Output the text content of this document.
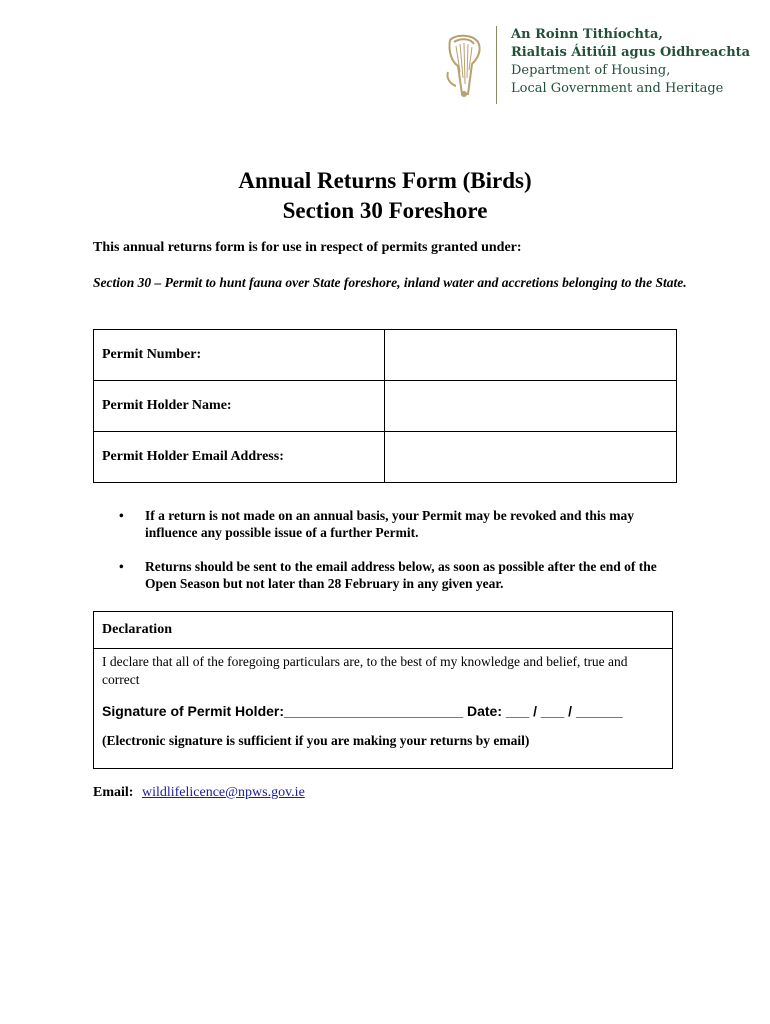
An Roinn Tithíochta,
Rialtais Áitiúil agus Oidhreachta
Department of Housing,
Local Government and Heritage
Annual Returns Form (Birds)
Section 30 Foreshore
This annual returns form is for use in respect of permits granted under:
Section 30 – Permit to hunt fauna over State foreshore, inland water and accretions belonging to the State.
Permit Number:	
Permit Holder Name:	
Permit Holder Email Address:	
• If a return is not made on an annual basis, your Permit may be revoked and this may influence any possible issue of a further Permit.
• Returns should be sent to the email address below, as soon as possible after the end of the Open Season but not later than 28 February in any given year.
Declaration
I declare that all of the foregoing particulars are, to the best of my knowledge and belief, true and correct
Signature of Permit Holder:_______________________ Date: ___ / ___ / ______
(Electronic signature is sufficient if you are making your returns by email)
Email: wildlifelicence@npws.gov.ie
